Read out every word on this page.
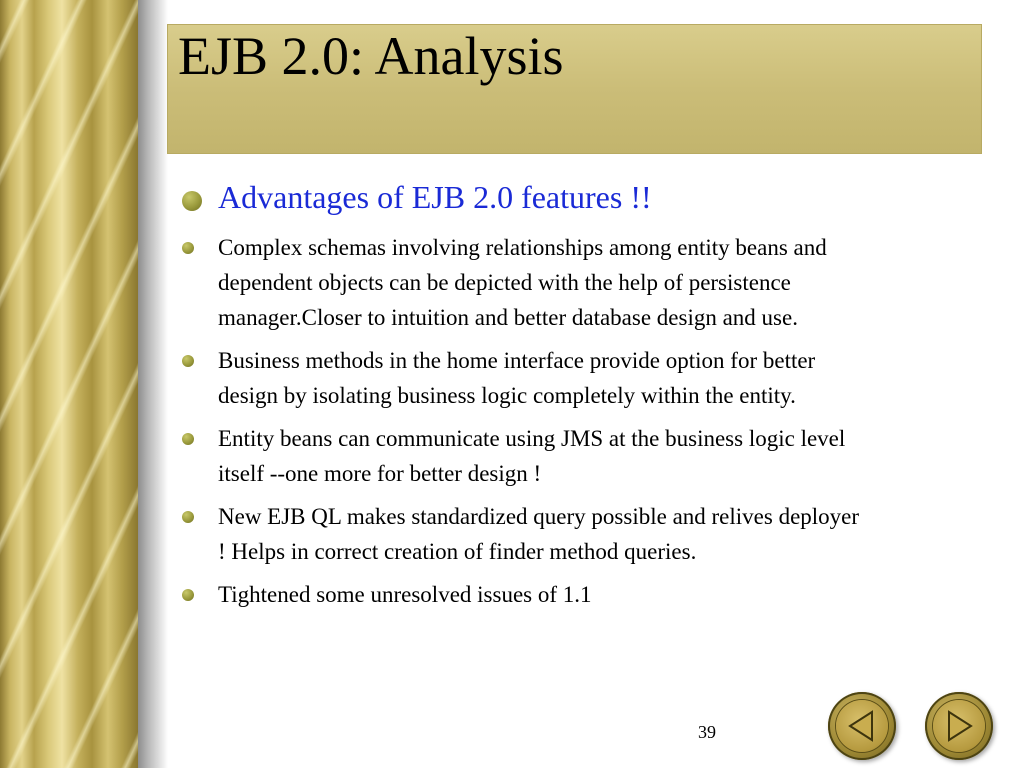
EJB 2.0: Analysis
Advantages of EJB 2.0 features !!
Complex schemas involving relationships among entity beans and
dependent objects can be depicted with the help of persistence
manager.Closer to intuition and better database design and use.
Business methods in the home interface provide option for better
design by isolating business logic completely within the entity.
Entity beans can communicate using JMS at the business logic level
itself --one more for better design !
New EJB QL makes standardized query possible and relives deployer
! Helps in correct creation of finder method queries.
Tightened some unresolved issues of 1.1
39
